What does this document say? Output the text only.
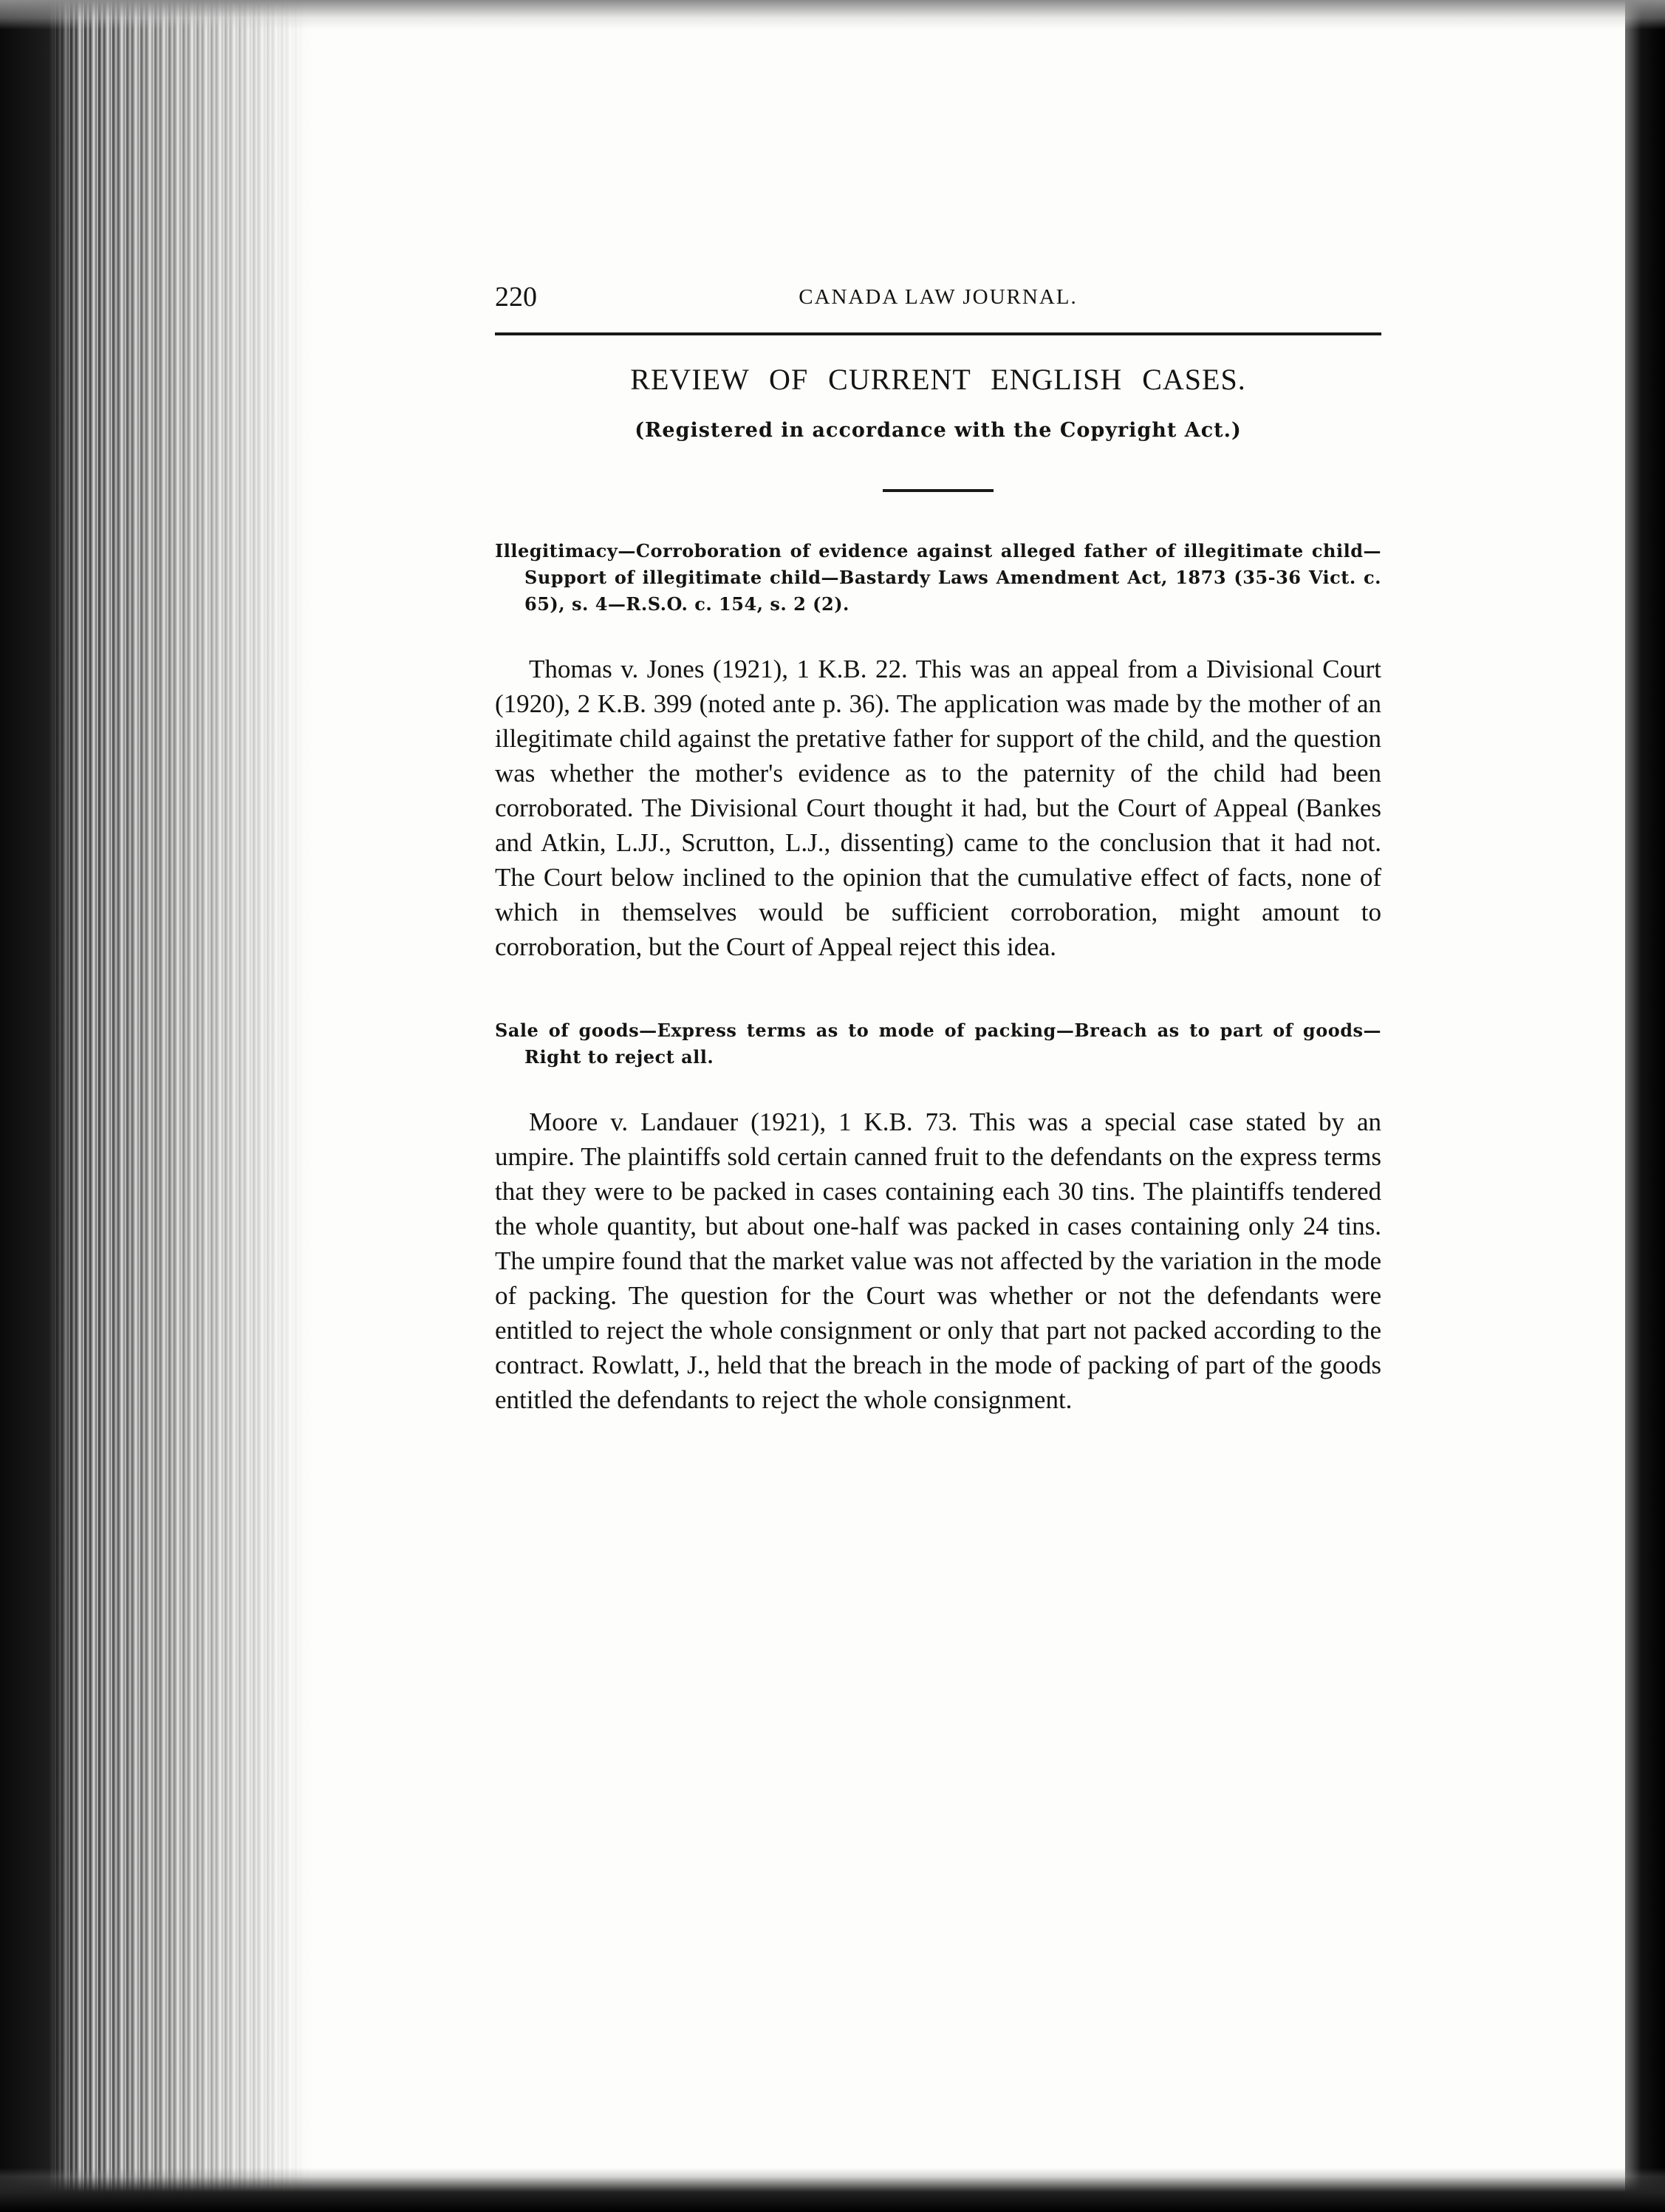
220	CANADA LAW JOURNAL.
REVIEW OF CURRENT ENGLISH CASES.

(Registered in accordance with the Copyright Act.)

Illegitimacy—Corroboration of evidence against alleged father of illegitimate child—Support of illegitimate child—Bastardy Laws Amendment Act, 1873 (35-36 Vict. c. 65), s. 4—R.S.O. c. 154, s. 2 (2).

Thomas v. Jones (1921), 1 K.B. 22. This was an appeal from a Divisional Court (1920), 2 K.B. 399 (noted ante p. 36). The application was made by the mother of an illegitimate child against the pretative father for support of the child, and the question was whether the mother's evidence as to the paternity of the child had been corroborated. The Divisional Court thought it had, but the Court of Appeal (Bankes and Atkin, L.JJ., Scrutton, L.J., dissenting) came to the conclusion that it had not. The Court below inclined to the opinion that the cumulative effect of facts, none of which in themselves would be sufficient corroboration, might amount to corroboration, but the Court of Appeal reject this idea.

Sale of goods—Express terms as to mode of packing—Breach as to part of goods—Right to reject all.

Moore v. Landauer (1921), 1 K.B. 73. This was a special case stated by an umpire. The plaintiffs sold certain canned fruit to the defendants on the express terms that they were to be packed in cases containing each 30 tins. The plaintiffs tendered the whole quantity, but about one-half was packed in cases containing only 24 tins. The umpire found that the market value was not affected by the variation in the mode of packing. The question for the Court was whether or not the defendants were entitled to reject the whole consignment or only that part not packed according to the contract. Rowlatt, J., held that the breach in the mode of packing of part of the goods entitled the defendants to reject the whole consignment.
